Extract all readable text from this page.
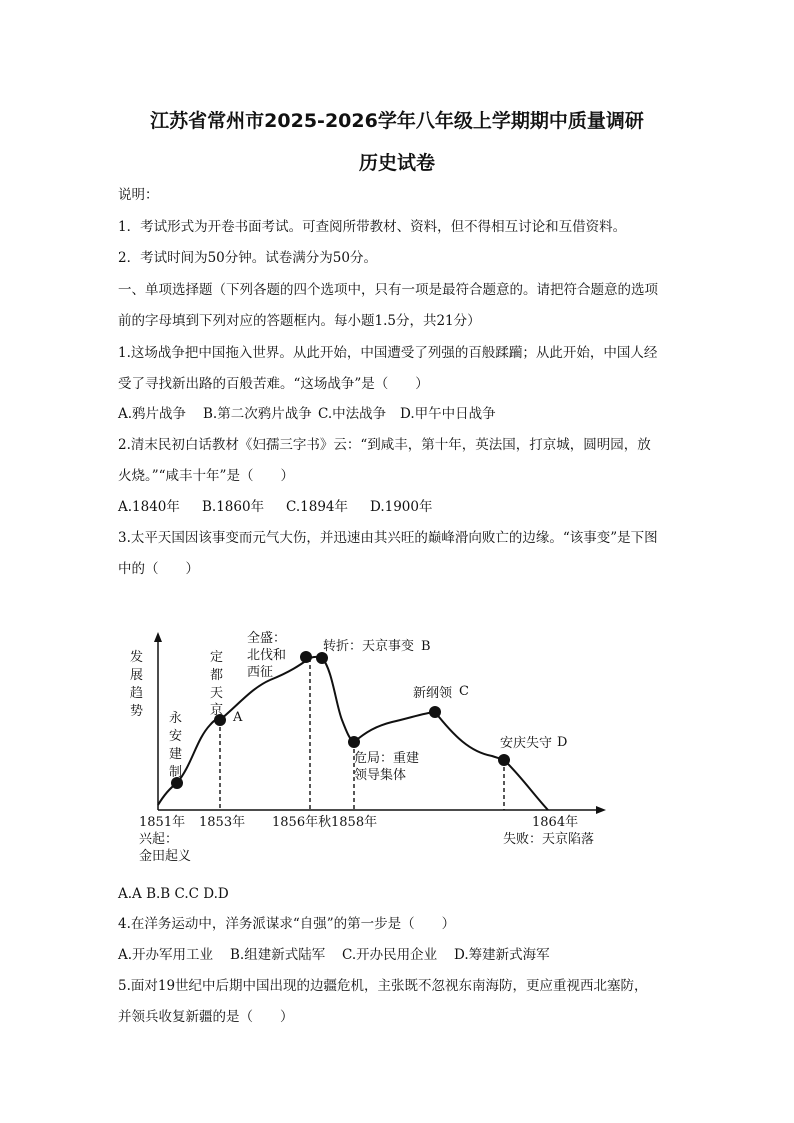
江苏省常州市2025-2026学年八年级上学期期中质量调研
历史试卷
说明：
1．考试形式为开卷书面考试。可查阅所带教材、资料，但不得相互讨论和互借资料。
2．考试时间为50分钟。试卷满分为50分。
一、单项选择题（下列各题的四个选项中，只有一项是最符合题意的。请把符合题意的选项
前的字母填到下列对应的答题框内。每小题1.5分，共21分）
1.这场战争把中国拖入世界。从此开始，中国遭受了列强的百般蹂躏；从此开始，中国人经
受了寻找新出路的百般苦难。“这场战争”是（　　）
A.鸦片战争 B.第二次鸦片战争 C.中法战争 D.甲午中日战争
2.清末民初白话教材《妇孺三字书》云：“到咸丰，第十年，英法国，打京城，圆明园，放
火烧。”“咸丰十年”是（　　）
A.1840年 B.1860年 C.1894年 D.1900年
3.太平天国因该事变而元气大伤，并迅速由其兴旺的巅峰滑向败亡的边缘。“该事变”是下图
中的（　　）
发
展
趋
势 永
安
建
制
定
都
天
京 A
全盛：
北伐和
西征
转折：天京事变 B
危局：重建
领导集体
新纲领 C
安庆失守 D
1851年 1853年 1856年秋 1858年	1864年
兴起：
金田起义
失败：天京陷落
A.A B.B C.C D.D
4.在洋务运动中，洋务派谋求“自强”的第一步是（　　）
A.开办军用工业 B.组建新式陆军 C.开办民用企业 D.筹建新式海军
5.面对19世纪中后期中国出现的边疆危机，主张既不忽视东南海防，更应重视西北塞防，
并领兵收复新疆的是（　　）
